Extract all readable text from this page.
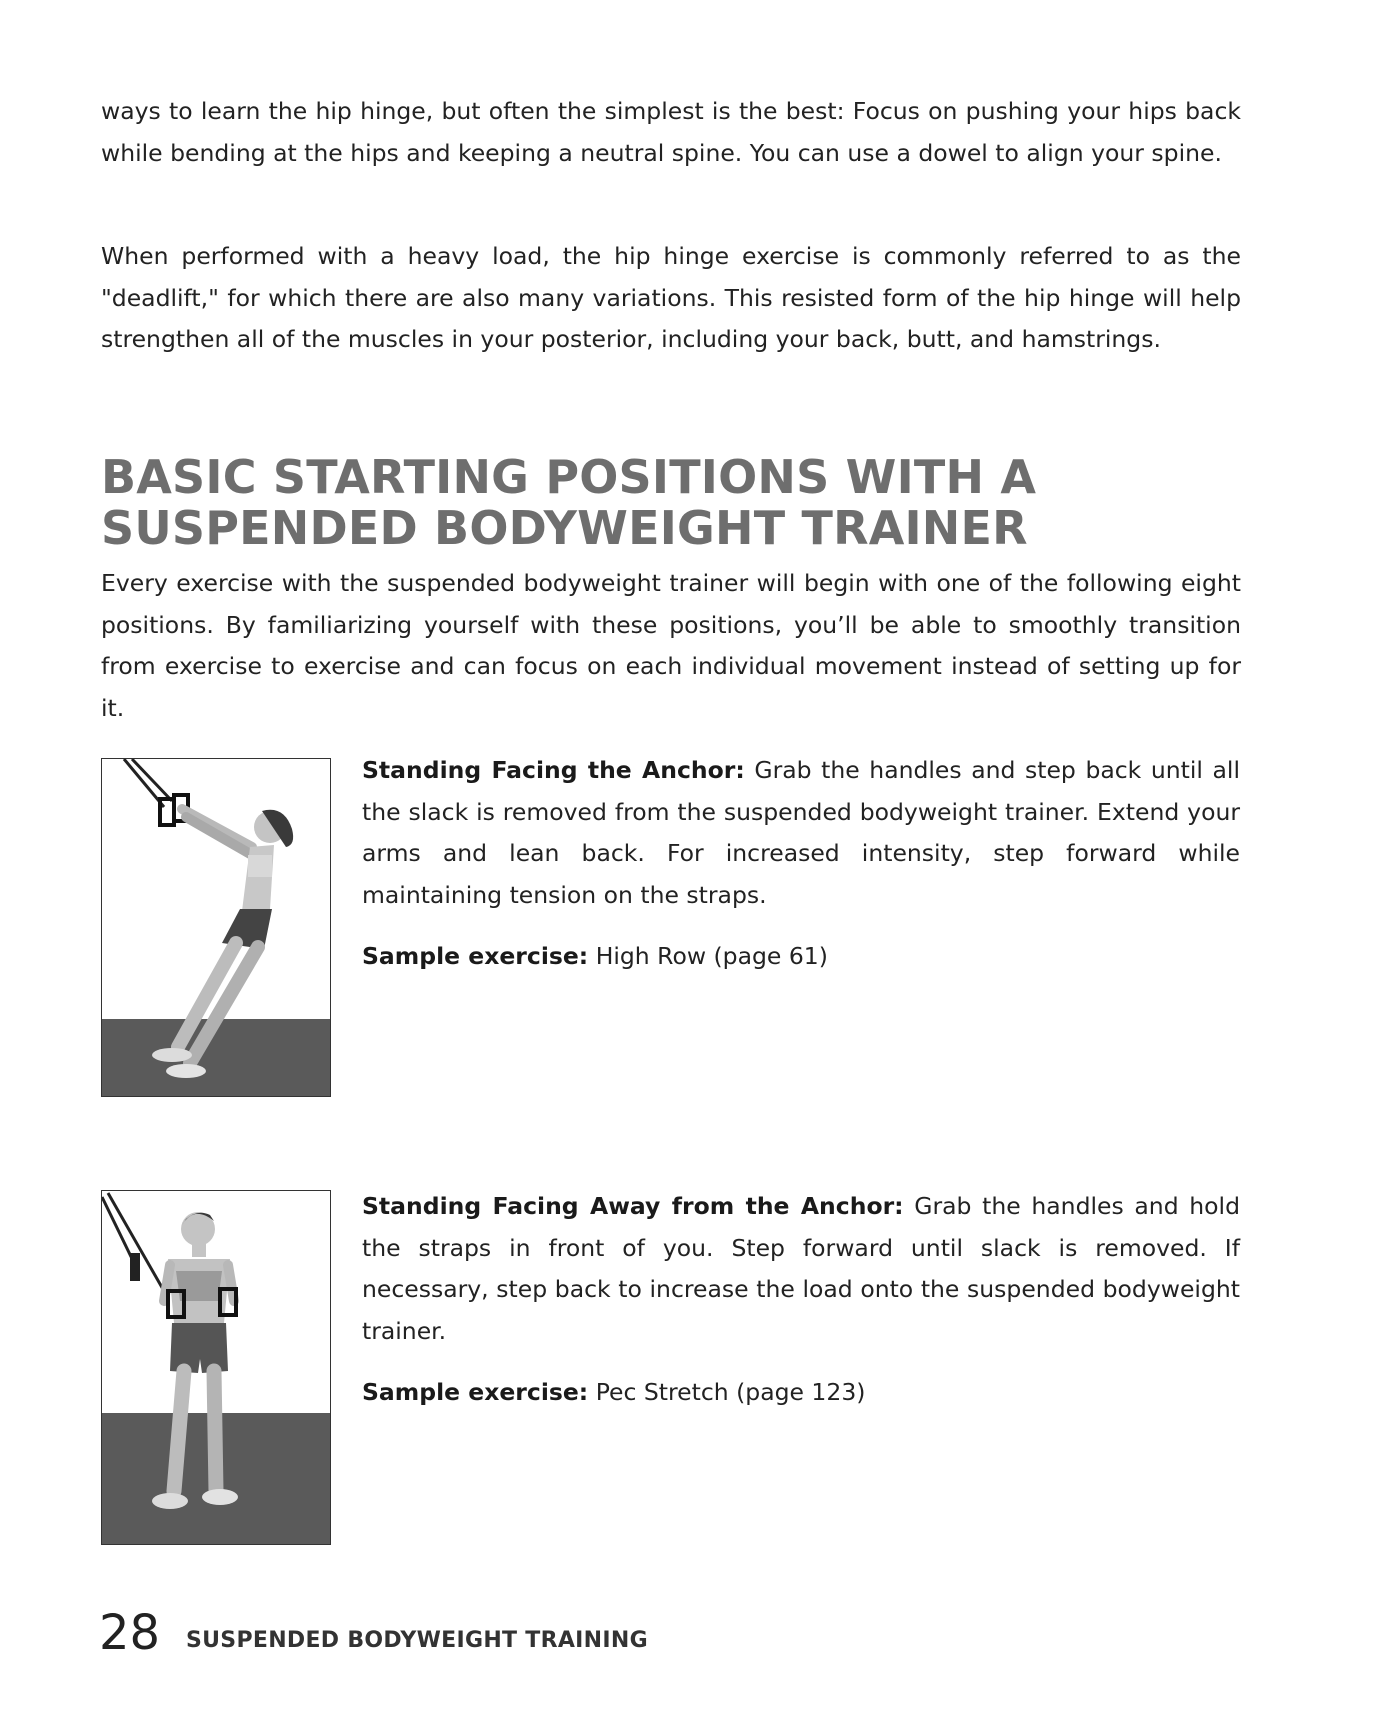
ways to learn the hip hinge, but often the simplest is the best: Focus on pushing your hips back while bending at the hips and keeping a neutral spine. You can use a dowel to align your spine.

When performed with a heavy load, the hip hinge exercise is commonly referred to as the "deadlift," for which there are also many variations. This resisted form of the hip hinge will help strengthen all of the muscles in your posterior, including your back, butt, and hamstrings.

BASIC STARTING POSITIONS WITH A
SUSPENDED BODYWEIGHT TRAINER

Every exercise with the suspended bodyweight trainer will begin with one of the following eight positions. By familiarizing yourself with these positions, you’ll be able to smoothly transition from exercise to exercise and can focus on each individual movement instead of setting up for it.

Standing Facing the Anchor: Grab the handles and step back until all the slack is removed from the suspended bodyweight trainer. Extend your arms and lean back. For increased intensity, step forward while maintaining tension on the straps.

Sample exercise: High Row (page 61)

Standing Facing Away from the Anchor: Grab the handles and hold the straps in front of you. Step forward until slack is removed. If necessary, step back to increase the load onto the suspended bodyweight trainer.

Sample exercise: Pec Stretch (page 123)

28 SUSPENDED BODYWEIGHT TRAINING
